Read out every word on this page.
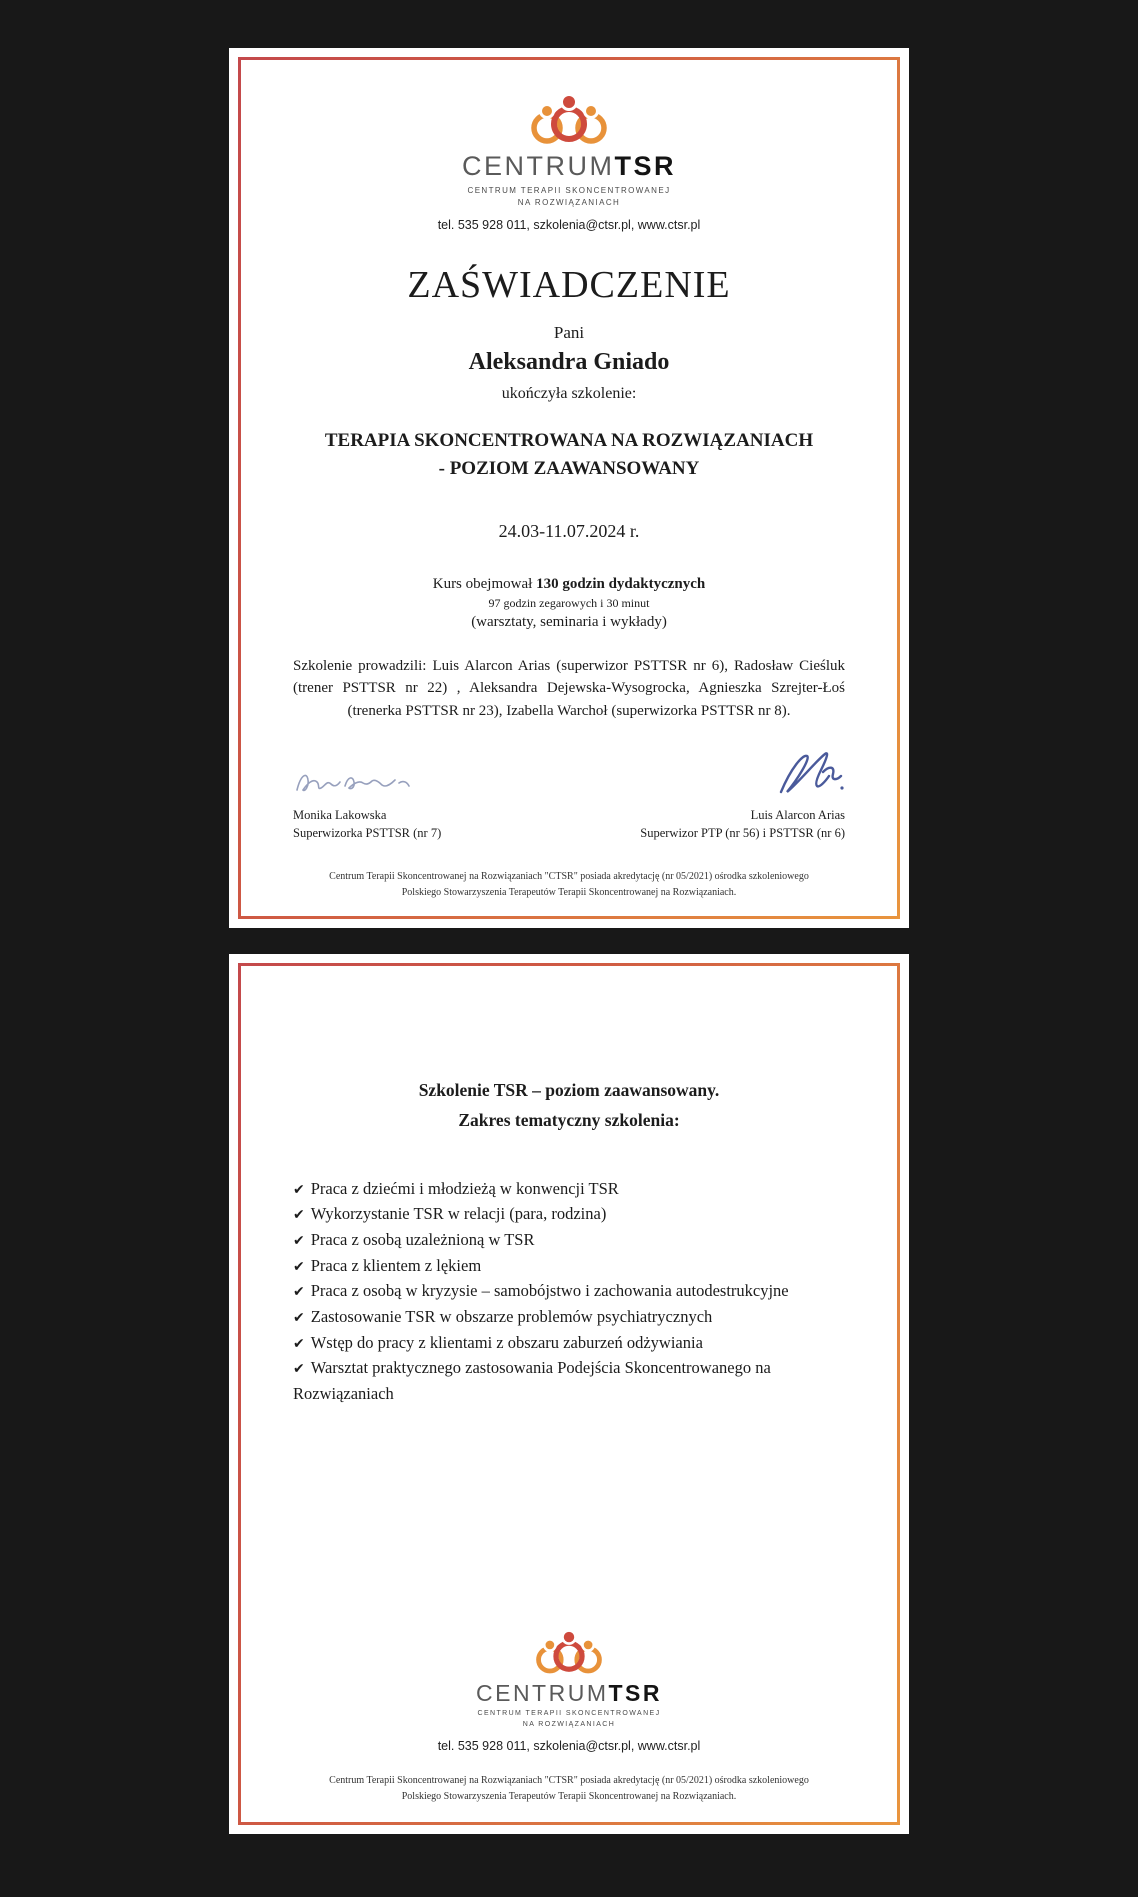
CENTRUMTSR
CENTRUM TERAPII SKONCENTROWANEJ
NA ROZWIĄZANIACH
tel. 535 928 011, szkolenia@ctsr.pl, www.ctsr.pl
ZAŚWIADCZENIE
Pani
Aleksandra Gniado
ukończyła szkolenie:
TERAPIA SKONCENTROWANA NA ROZWIĄZANIACH
- POZIOM ZAAWANSOWANY
24.03-11.07.2024 r.
Kurs obejmował 130 godzin dydaktycznych
97 godzin zegarowych i 30 minut
(warsztaty, seminaria i wykłady)
Szkolenie prowadzili: Luis Alarcon Arias (superwizor PSTTSR nr 6), Radosław Cieśluk (trener PSTTSR nr 22) , Aleksandra Dejewska-Wysogrocka, Agnieszka Szrejter-Łoś (trenerka PSTTSR nr 23), Izabella Warchoł (superwizorka PSTTSR nr 8).
Monika Lakowska
Superwizorka PSTTSR (nr 7)
Luis Alarcon Arias
Superwizor PTP (nr 56) i PSTTSR (nr 6)
Centrum Terapii Skoncentrowanej na Rozwiązaniach "CTSR" posiada akredytację (nr 05/2021) ośrodka szkoleniowego
Polskiego Stowarzyszenia Terapeutów Terapii Skoncentrowanej na Rozwiązaniach.
Szkolenie TSR – poziom zaawansowany.
Zakres tematyczny szkolenia:
✔ Praca z dziećmi i młodzieżą w konwencji TSR
✔ Wykorzystanie TSR w relacji (para, rodzina)
✔ Praca z osobą uzależnioną w TSR
✔ Praca z klientem z lękiem
✔ Praca z osobą w kryzysie – samobójstwo i zachowania autodestrukcyjne
✔ Zastosowanie TSR w obszarze problemów psychiatrycznych
✔ Wstęp do pracy z klientami z obszaru zaburzeń odżywiania
✔ Warsztat praktycznego zastosowania Podejścia Skoncentrowanego na Rozwiązaniach
CENTRUMTSR
CENTRUM TERAPII SKONCENTROWANEJ
NA ROZWIĄZANIACH
tel. 535 928 011, szkolenia@ctsr.pl, www.ctsr.pl
Centrum Terapii Skoncentrowanej na Rozwiązaniach "CTSR" posiada akredytację (nr 05/2021) ośrodka szkoleniowego
Polskiego Stowarzyszenia Terapeutów Terapii Skoncentrowanej na Rozwiązaniach.
